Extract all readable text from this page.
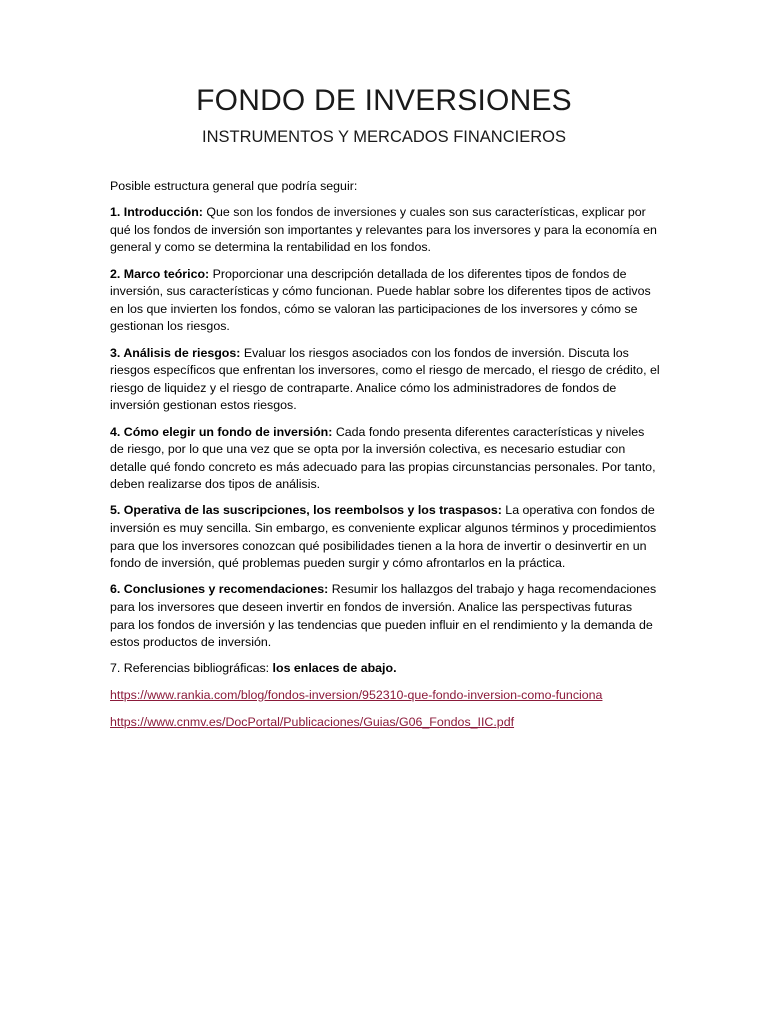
FONDO DE INVERSIONES
INSTRUMENTOS Y MERCADOS FINANCIEROS

Posible estructura general que podría seguir:

1. Introducción: Que son los fondos de inversiones y cuales son sus características, explicar por qué los fondos de inversión son importantes y relevantes para los inversores y para la economía en general y como se determina la rentabilidad en los fondos.

2. Marco teórico: Proporcionar una descripción detallada de los diferentes tipos de fondos de inversión, sus características y cómo funcionan. Puede hablar sobre los diferentes tipos de activos en los que invierten los fondos, cómo se valoran las participaciones de los inversores y cómo se gestionan los riesgos.

3. Análisis de riesgos: Evaluar los riesgos asociados con los fondos de inversión. Discuta los riesgos específicos que enfrentan los inversores, como el riesgo de mercado, el riesgo de crédito, el riesgo de liquidez y el riesgo de contraparte. Analice cómo los administradores de fondos de inversión gestionan estos riesgos.

4. Cómo elegir un fondo de inversión: Cada fondo presenta diferentes características y niveles de riesgo, por lo que una vez que se opta por la inversión colectiva, es necesario estudiar con detalle qué fondo concreto es más adecuado para las propias circunstancias personales. Por tanto, deben realizarse dos tipos de análisis.

5. Operativa de las suscripciones, los reembolsos y los traspasos: La operativa con fondos de inversión es muy sencilla. Sin embargo, es conveniente explicar algunos términos y procedimientos para que los inversores conozcan qué posibilidades tienen a la hora de invertir o desinvertir en un fondo de inversión, qué problemas pueden surgir y cómo afrontarlos en la práctica.

6. Conclusiones y recomendaciones: Resumir los hallazgos del trabajo y haga recomendaciones para los inversores que deseen invertir en fondos de inversión. Analice las perspectivas futuras para los fondos de inversión y las tendencias que pueden influir en el rendimiento y la demanda de estos productos de inversión.

7. Referencias bibliográficas: los enlaces de abajo.

https://www.rankia.com/blog/fondos-inversion/952310-que-fondo-inversion-como-funciona
https://www.cnmv.es/DocPortal/Publicaciones/Guias/G06_Fondos_IIC.pdf
